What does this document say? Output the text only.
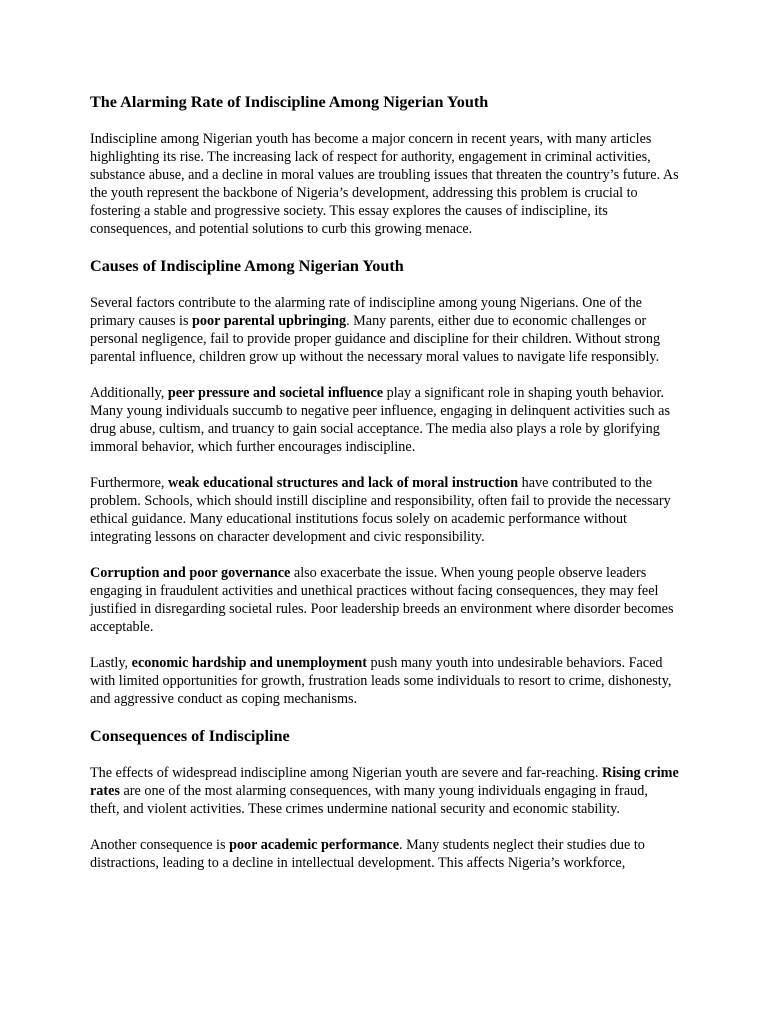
The Alarming Rate of Indiscipline Among Nigerian Youth

Indiscipline among Nigerian youth has become a major concern in recent years, with many articles highlighting its rise. The increasing lack of respect for authority, engagement in criminal activities, substance abuse, and a decline in moral values are troubling issues that threaten the country’s future. As the youth represent the backbone of Nigeria’s development, addressing this problem is crucial to fostering a stable and progressive society. This essay explores the causes of indiscipline, its consequences, and potential solutions to curb this growing menace.

Causes of Indiscipline Among Nigerian Youth

Several factors contribute to the alarming rate of indiscipline among young Nigerians. One of the primary causes is poor parental upbringing. Many parents, either due to economic challenges or personal negligence, fail to provide proper guidance and discipline for their children. Without strong parental influence, children grow up without the necessary moral values to navigate life responsibly.

Additionally, peer pressure and societal influence play a significant role in shaping youth behavior. Many young individuals succumb to negative peer influence, engaging in delinquent activities such as drug abuse, cultism, and truancy to gain social acceptance. The media also plays a role by glorifying immoral behavior, which further encourages indiscipline.

Furthermore, weak educational structures and lack of moral instruction have contributed to the problem. Schools, which should instill discipline and responsibility, often fail to provide the necessary ethical guidance. Many educational institutions focus solely on academic performance without integrating lessons on character development and civic responsibility.

Corruption and poor governance also exacerbate the issue. When young people observe leaders engaging in fraudulent activities and unethical practices without facing consequences, they may feel justified in disregarding societal rules. Poor leadership breeds an environment where disorder becomes acceptable.

Lastly, economic hardship and unemployment push many youth into undesirable behaviors. Faced with limited opportunities for growth, frustration leads some individuals to resort to crime, dishonesty, and aggressive conduct as coping mechanisms.

Consequences of Indiscipline

The effects of widespread indiscipline among Nigerian youth are severe and far-reaching. Rising crime rates are one of the most alarming consequences, with many young individuals engaging in fraud, theft, and violent activities. These crimes undermine national security and economic stability.

Another consequence is poor academic performance. Many students neglect their studies due to distractions, leading to a decline in intellectual development. This affects Nigeria’s workforce,
